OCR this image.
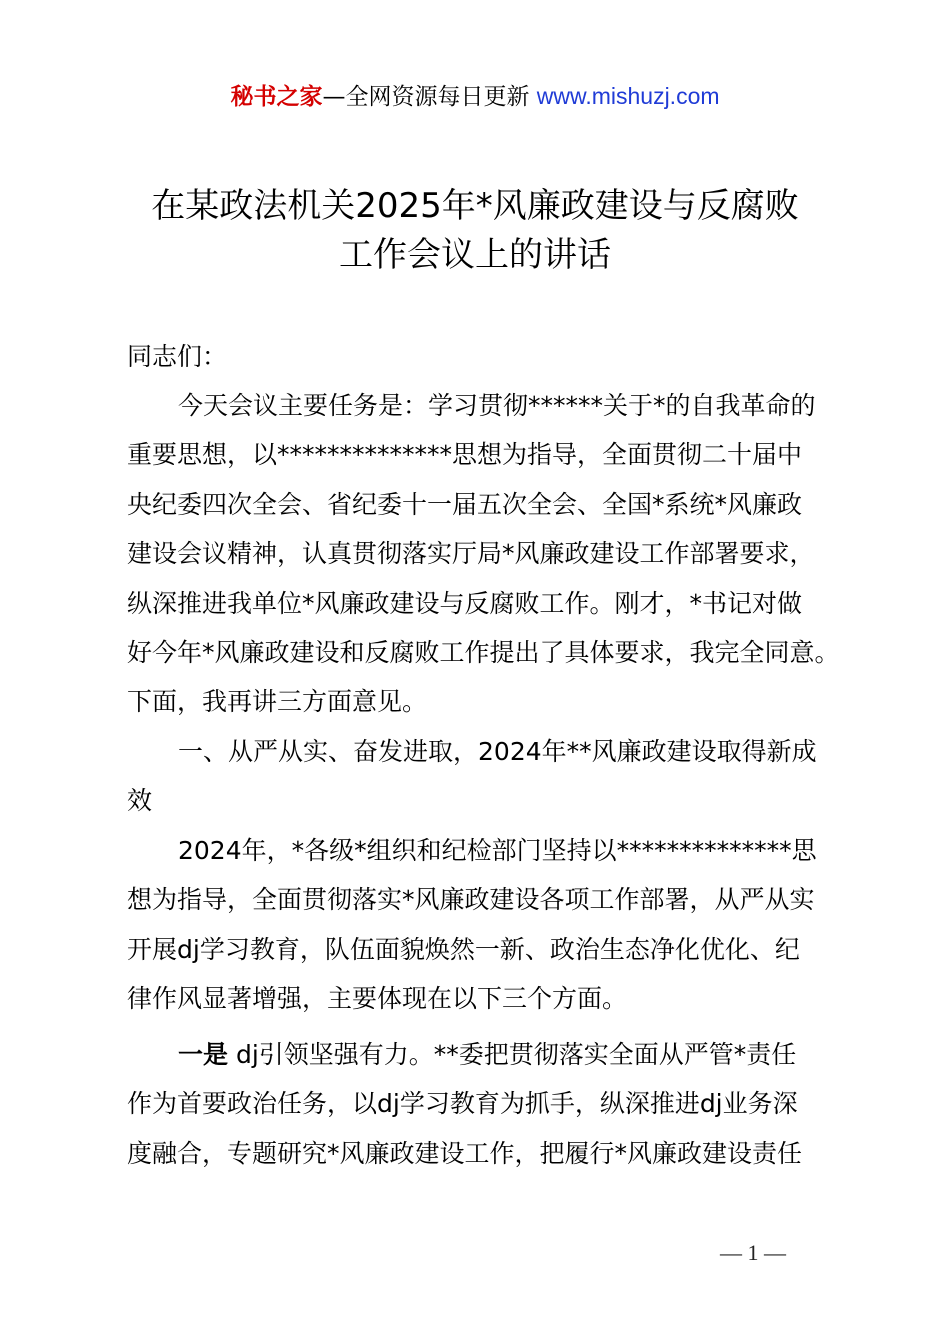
秘书之家—全网资源每日更新 www.mishuzj.com
在某政法机关2025年*风廉政建设与反腐败
工作会议上的讲话
同志们：
今天会议主要任务是：学习贯彻******关于*的自我革命的
重要思想，以**************思想为指导，全面贯彻二十届中
央纪委四次全会、省纪委十一届五次全会、全国*系统*风廉政
建设会议精神，认真贯彻落实厅局*风廉政建设工作部署要求，
纵深推进我单位*风廉政建设与反腐败工作。刚才，*书记对做
好今年*风廉政建设和反腐败工作提出了具体要求，我完全同意。
下面，我再讲三方面意见。
一、从严从实、奋发进取，2024年**风廉政建设取得新成
效
2024年，*各级*组织和纪检部门坚持以**************思
想为指导，全面贯彻落实*风廉政建设各项工作部署，从严从实
开展dj学习教育，队伍面貌焕然一新、政治生态净化优化、纪
律作风显著增强，主要体现在以下三个方面。
一是 dj引领坚强有力。**委把贯彻落实全面从严管*责任
作为首要政治任务，以dj学习教育为抓手，纵深推进dj业务深
度融合，专题研究*风廉政建设工作，把履行*风廉政建设责任
— 1 —
